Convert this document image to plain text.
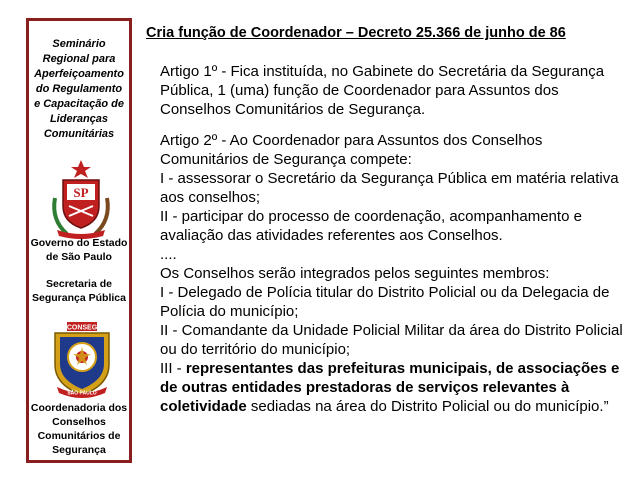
Seminário
Regional para
Aperfeiçoamento
do Regulamento
e Capacitação de
Lideranças
Comunitárias
SP
Governo do Estado
de São Paulo
Secretaria de
Segurança Pública
CONSEG
SÃO PAULO
Coordenadoria dos
Conselhos
Comunitários de
Segurança
Cria função de Coordenador – Decreto 25.366 de junho de 86

Artigo 1º - Fica instituída, no Gabinete do Secretária da Segurança Pública, 1 (uma) função de Coordenador para Assuntos dos Conselhos Comunitários de Segurança.

Artigo 2º - Ao Coordenador para Assuntos dos Conselhos Comunitários de Segurança compete:

I - assessorar o Secretário da Segurança Pública em matéria relativa aos conselhos;

II - participar do processo de coordenação, acompanhamento e avaliação das atividades referentes aos Conselhos.

....

Os Conselhos serão integrados pelos seguintes membros:

I - Delegado de Polícia titular do Distrito Policial ou da Delegacia de Polícia do município;

II - Comandante da Unidade Policial Militar da área do Distrito Policial ou do território do município;

III - representantes das prefeituras municipais, de associações e de outras entidades prestadoras de serviços relevantes à coletividade sediadas na área do Distrito Policial ou do município.”
